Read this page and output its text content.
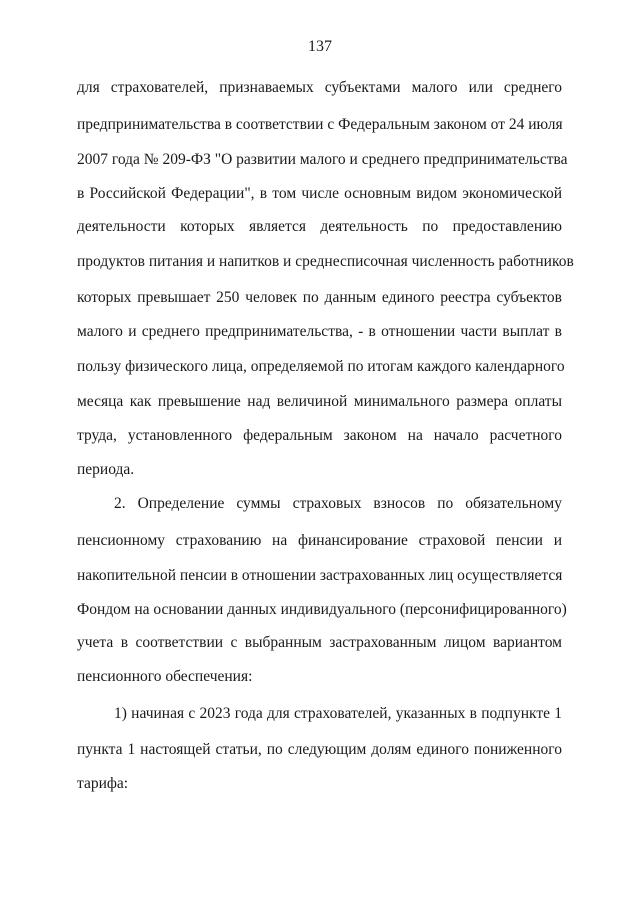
137
для страхователей, признаваемых субъектами малого или среднего
предпринимательства в соответствии с Федеральным законом от 24 июля
2007 года № 209-ФЗ "О развитии малого и среднего предпринимательства
в Российской Федерации", в том числе основным видом экономической
деятельности которых является деятельность по предоставлению
продуктов питания и напитков и среднесписочная численность работников
которых превышает 250 человек по данным единого реестра субъектов
малого и среднего предпринимательства, - в отношении части выплат в
пользу физического лица, определяемой по итогам каждого календарного
месяца как превышение над величиной минимального размера оплаты
труда, установленного федеральным законом на начало расчетного
периода.
2. Определение суммы страховых взносов по обязательному
пенсионному страхованию на финансирование страховой пенсии и
накопительной пенсии в отношении застрахованных лиц осуществляется
Фондом на основании данных индивидуального (персонифицированного)
учета в соответствии с выбранным застрахованным лицом вариантом
пенсионного обеспечения:
1) начиная с 2023 года для страхователей, указанных в подпункте 1
пункта 1 настоящей статьи, по следующим долям единого пониженного
тарифа:
